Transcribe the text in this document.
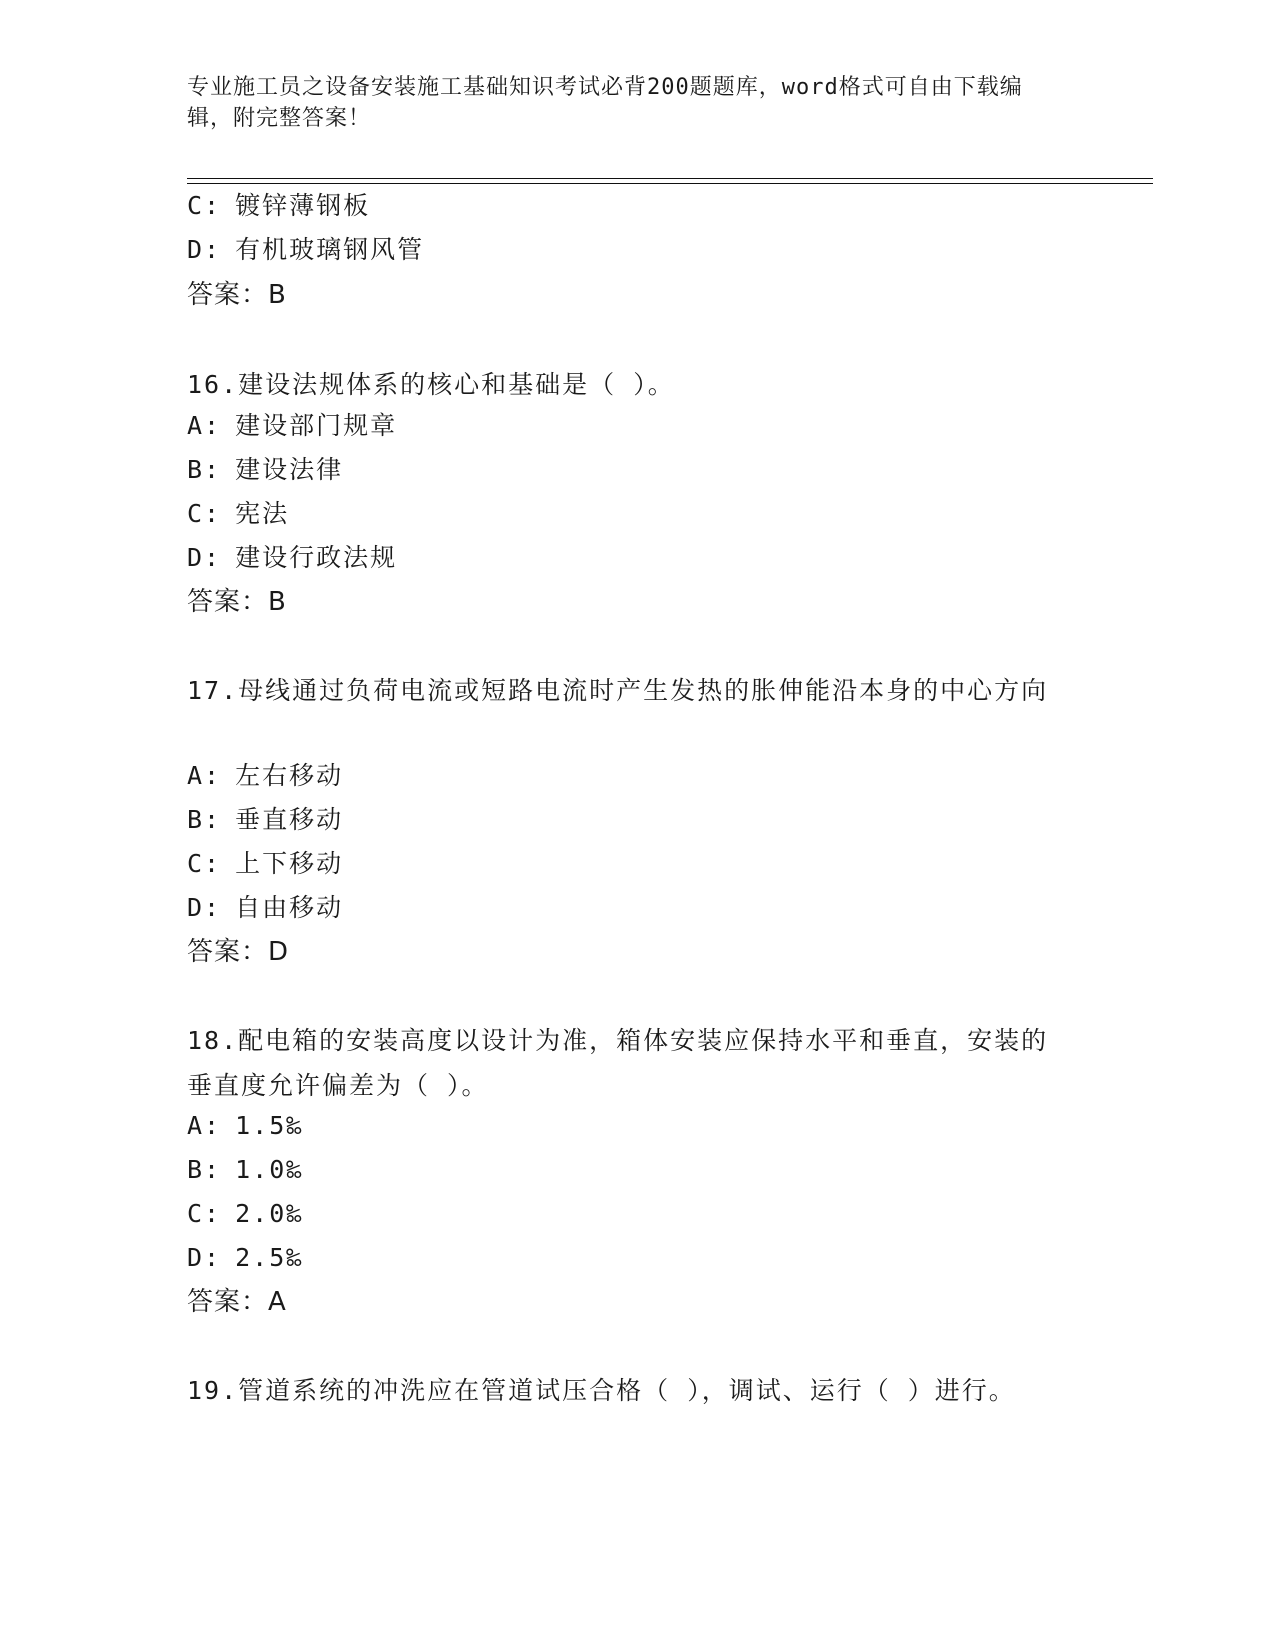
专业施工员之设备安装施工基础知识考试必背200题题库，word格式可自由下载编辑，附完整答案！
C: 镀锌薄钢板
D: 有机玻璃钢风管
答案：B
16.建设法规体系的核心和基础是（ ）。
A: 建设部门规章
B: 建设法律
C: 宪法
D: 建设行政法规
答案：B
17.母线通过负荷电流或短路电流时产生发热的胀伸能沿本身的中心方向
A: 左右移动
B: 垂直移动
C: 上下移动
D: 自由移动
答案：D
18.配电箱的安装高度以设计为准，箱体安装应保持水平和垂直，安装的垂直度允许偏差为（ ）。
A: 1.5‰
B: 1.0‰
C: 2.0‰
D: 2.5‰
答案：A
19.管道系统的冲洗应在管道试压合格（ ），调试、运行（ ）进行。
